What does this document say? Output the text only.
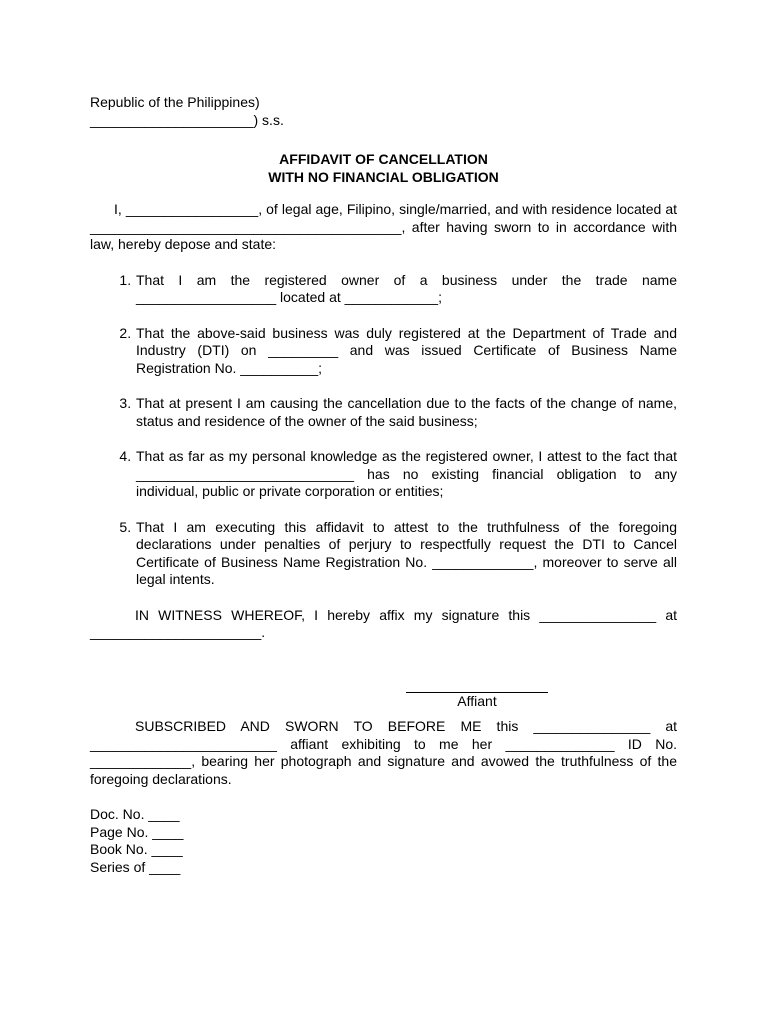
Republic of the Philippines)
_____________________) s.s.
AFFIDAVIT OF CANCELLATION
WITH NO FINANCIAL OBLIGATION
I, _________________, of legal age, Filipino, single/married, and with residence located at ________________________________________, after having sworn to in accordance with law, hereby depose and state:
1. That I am the registered owner of a business under the trade name __________________ located at ____________;
2. That the above-said business was duly registered at the Department of Trade and Industry (DTI) on _________ and was issued Certificate of Business Name Registration No. __________;
3. That at present I am causing the cancellation due to the facts of the change of name, status and residence of the owner of the said business;
4. That as far as my personal knowledge as the registered owner, I attest to the fact that ____________________________ has no existing financial obligation to any individual, public or private corporation or entities;
5. That I am executing this affidavit to attest to the truthfulness of the foregoing declarations under penalties of perjury to respectfully request the DTI to Cancel Certificate of Business Name Registration No. _____________, moreover to serve all legal intents.
IN WITNESS WHEREOF, I hereby affix my signature this _______________ at ______________________.
Affiant
SUBSCRIBED AND SWORN TO BEFORE ME this _______________ at ________________________ affiant exhibiting to me her ______________ ID No. _____________, bearing her photograph and signature and avowed the truthfulness of the foregoing declarations.
Doc. No. ____
Page No. ____
Book No. ____
Series of ____
